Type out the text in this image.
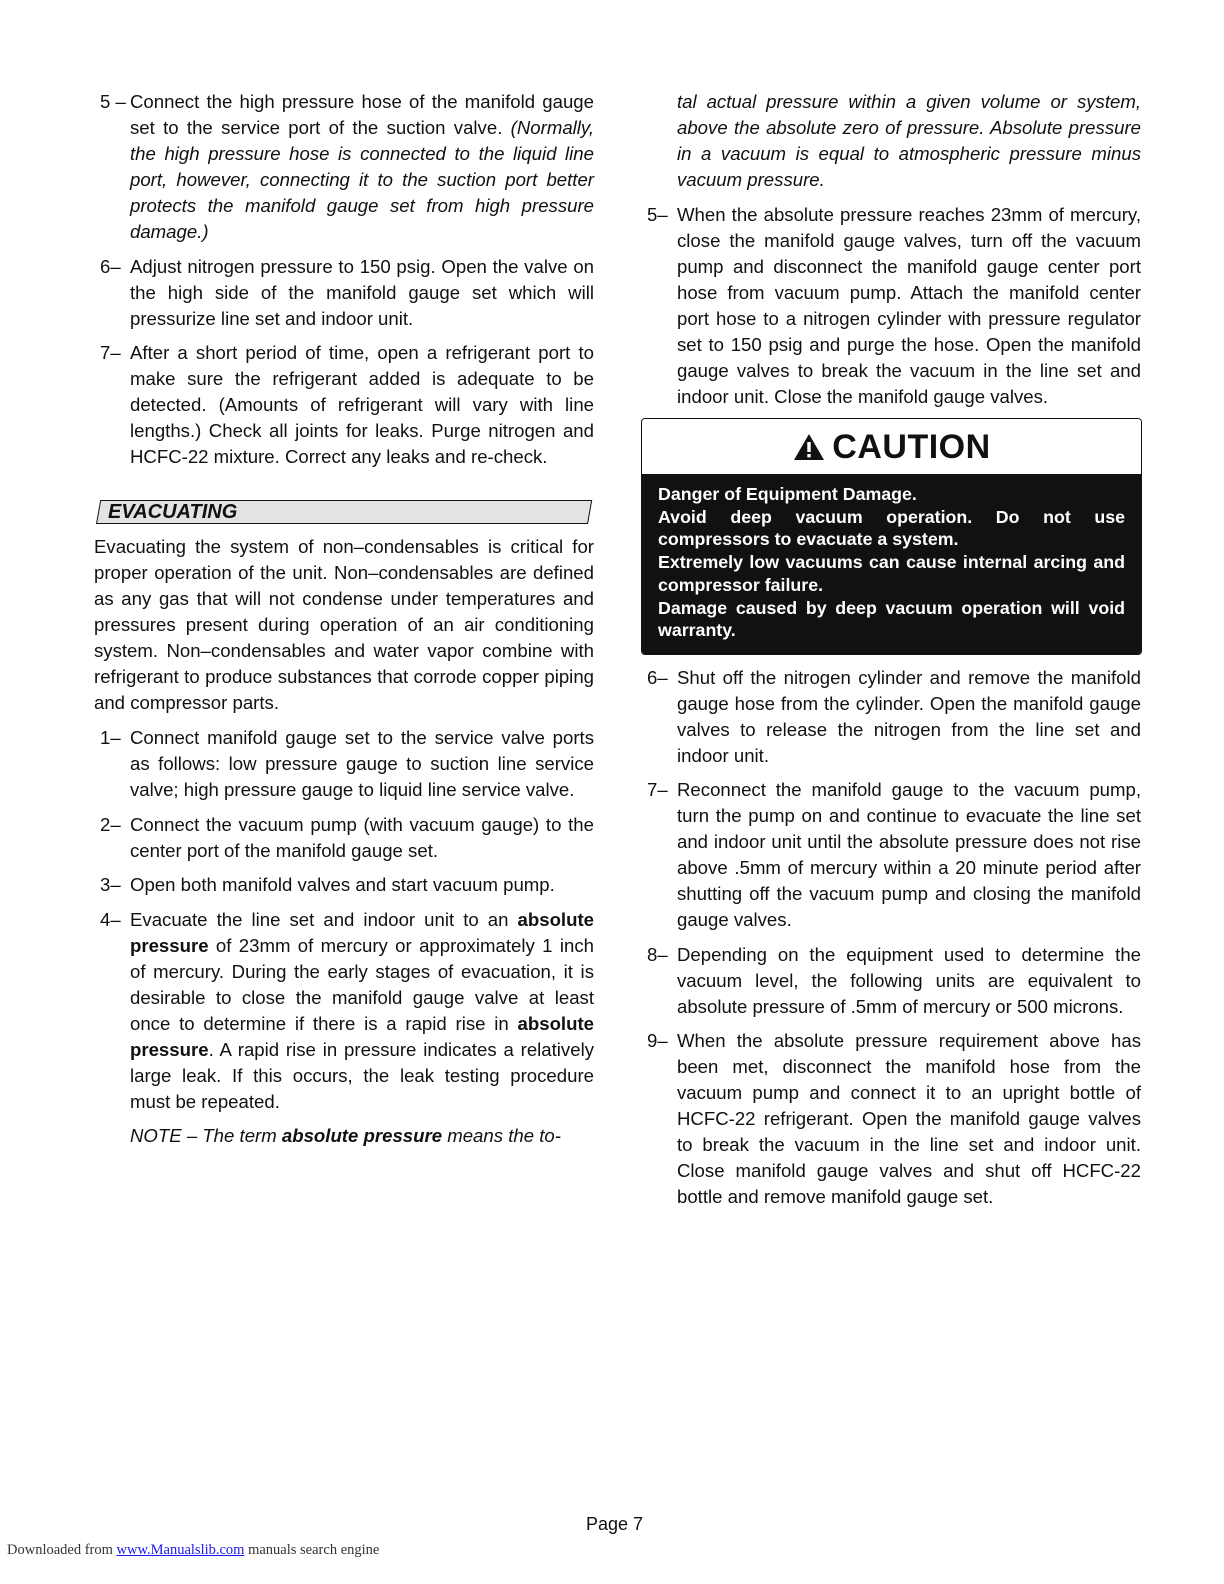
5 – Connect the high pressure hose of the manifold gauge set to the service port of the suction valve. (Normally, the high pressure hose is connected to the liquid line port, however, connecting it to the suction port better protects the manifold gauge set from high pressure damage.)
6– Adjust nitrogen pressure to 150 psig. Open the valve on the high side of the manifold gauge set which will pressurize line set and indoor unit.
7– After a short period of time, open a refrigerant port to make sure the refrigerant added is adequate to be detected. (Amounts of refrigerant will vary with line lengths.) Check all joints for leaks. Purge nitrogen and HCFC-22 mixture. Correct any leaks and re-check.
EVACUATING
Evacuating the system of non–condensables is critical for proper operation of the unit. Non–condensables are defined as any gas that will not condense under temperatures and pressures present during operation of an air conditioning system. Non–condensables and water vapor combine with refrigerant to produce substances that corrode copper piping and compressor parts.
1– Connect manifold gauge set to the service valve ports as follows: low pressure gauge to suction line service valve; high pressure gauge to liquid line service valve.
2– Connect the vacuum pump (with vacuum gauge) to the center port of the manifold gauge set.
3– Open both manifold valves and start vacuum pump.
4– Evacuate the line set and indoor unit to an absolute pressure of 23mm of mercury or approximately 1 inch of mercury. During the early stages of evacuation, it is desirable to close the manifold gauge valve at least once to determine if there is a rapid rise in absolute pressure. A rapid rise in pressure indicates a relatively large leak. If this occurs, the leak testing procedure must be repeated.
NOTE – The term absolute pressure means the to-
tal actual pressure within a given volume or system, above the absolute zero of pressure. Absolute pressure in a vacuum is equal to atmospheric pressure minus vacuum pressure.
5– When the absolute pressure reaches 23mm of mercury, close the manifold gauge valves, turn off the vacuum pump and disconnect the manifold gauge center port hose from vacuum pump. Attach the manifold center port hose to a nitrogen cylinder with pressure regulator set to 150 psig and purge the hose. Open the manifold gauge valves to break the vacuum in the line set and indoor unit. Close the manifold gauge valves.
CAUTION
Danger of Equipment Damage.
Avoid deep vacuum operation. Do not use compressors to evacuate a system.
Extremely low vacuums can cause internal arcing and compressor failure.
Damage caused by deep vacuum operation will void warranty.
6– Shut off the nitrogen cylinder and remove the manifold gauge hose from the cylinder. Open the manifold gauge valves to release the nitrogen from the line set and indoor unit.
7– Reconnect the manifold gauge to the vacuum pump, turn the pump on and continue to evacuate the line set and indoor unit until the absolute pressure does not rise above .5mm of mercury within a 20 minute period after shutting off the vacuum pump and closing the manifold gauge valves.
8– Depending on the equipment used to determine the vacuum level, the following units are equivalent to absolute pressure of .5mm of mercury or 500 microns.
9– When the absolute pressure requirement above has been met, disconnect the manifold hose from the vacuum pump and connect it to an upright bottle of HCFC-22 refrigerant. Open the manifold gauge valves to break the vacuum in the line set and indoor unit. Close manifold gauge valves and shut off HCFC-22 bottle and remove manifold gauge set.
Page 7
Downloaded from www.Manualslib.com manuals search engine
